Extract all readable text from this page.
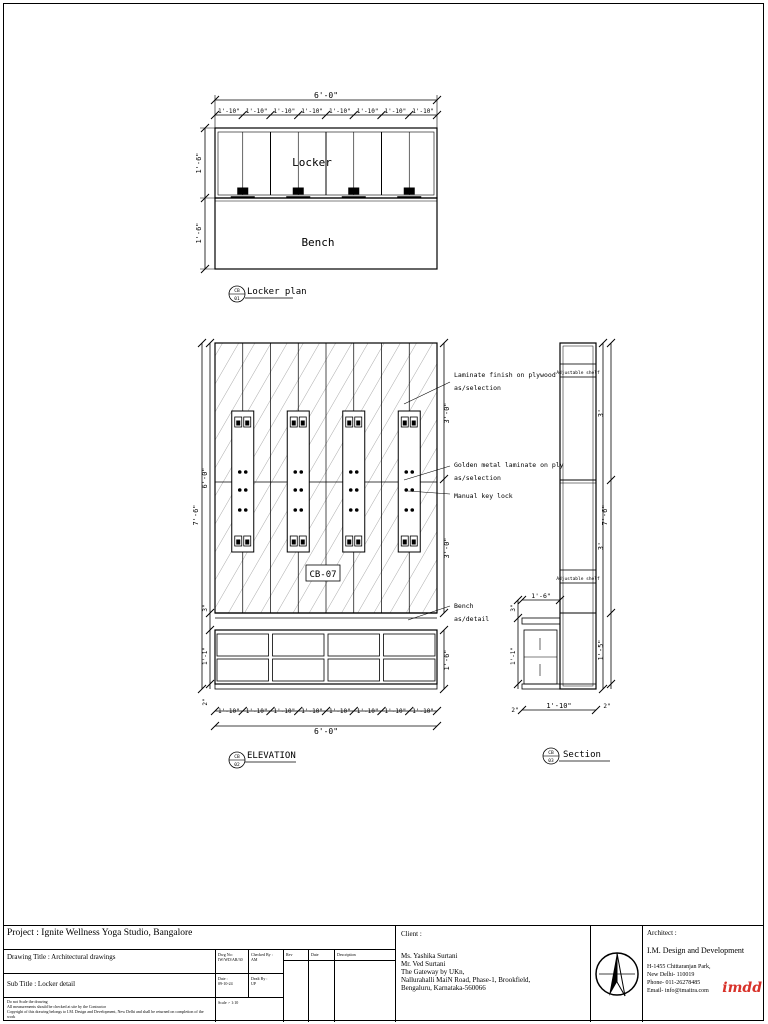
6'-0"
1'-10" 1'-10" 1'-10" 1'-10" 1'-10" 1'-10" 1'-10" 1'-10"
Locker
Bench
1'-6"
1'-6"
CB
01
Locker plan
1'-10" 1'-10" 1'-10" 1'-10" 1'-10" 1'-10" 1'-10" 1'-10"
CB-07
6'-0"
7'-6"
6'-0"
3"
1'-1"
2"
3'-0"
3'-0"
1'-6"
Laminate finish on plywood
as/selection
Golden metal laminate on ply
as/selection
Manual key lock
Bench
as/detail
CB
02
ELEVATION
Adjustable shelf
Adjustable shelf
7'-6"
3'
3'
1'-5"
2"
1'-6"
1'-10"
3"
1'-1"
2"
CB
03
Section
Project : Ignite Wellness Yoga Studio, Bangalore
Drawing Title : Architectural drawings
Sub Title : Locker detail
Do not Scale the drawing
All measurements should be checked at site by the Contractor
Copyright of this drawing belongs to I.M. Design and Development, New Delhi and shall be returned on completion of the work
Dwg No:
IW/WD/AR/30
Checked By :
AM
Date :
09-10-24
Dealt By :
UP
Scale :- 1:10
Rev	Date	Description
Client :
Ms. Yashika Surtani
Mr. Ved Surtani
The Gateway by UKn,
Nallurahalli MaiN Road, Phase-1, Brookfield,
Bengaluru, Karnataka-560066
Architect :
I.M. Design and Development
H-1455 Chittaranjan Park,
New Delhi- 110019
Phone- 011-26278485
Email- info@imaitra.com imdd
